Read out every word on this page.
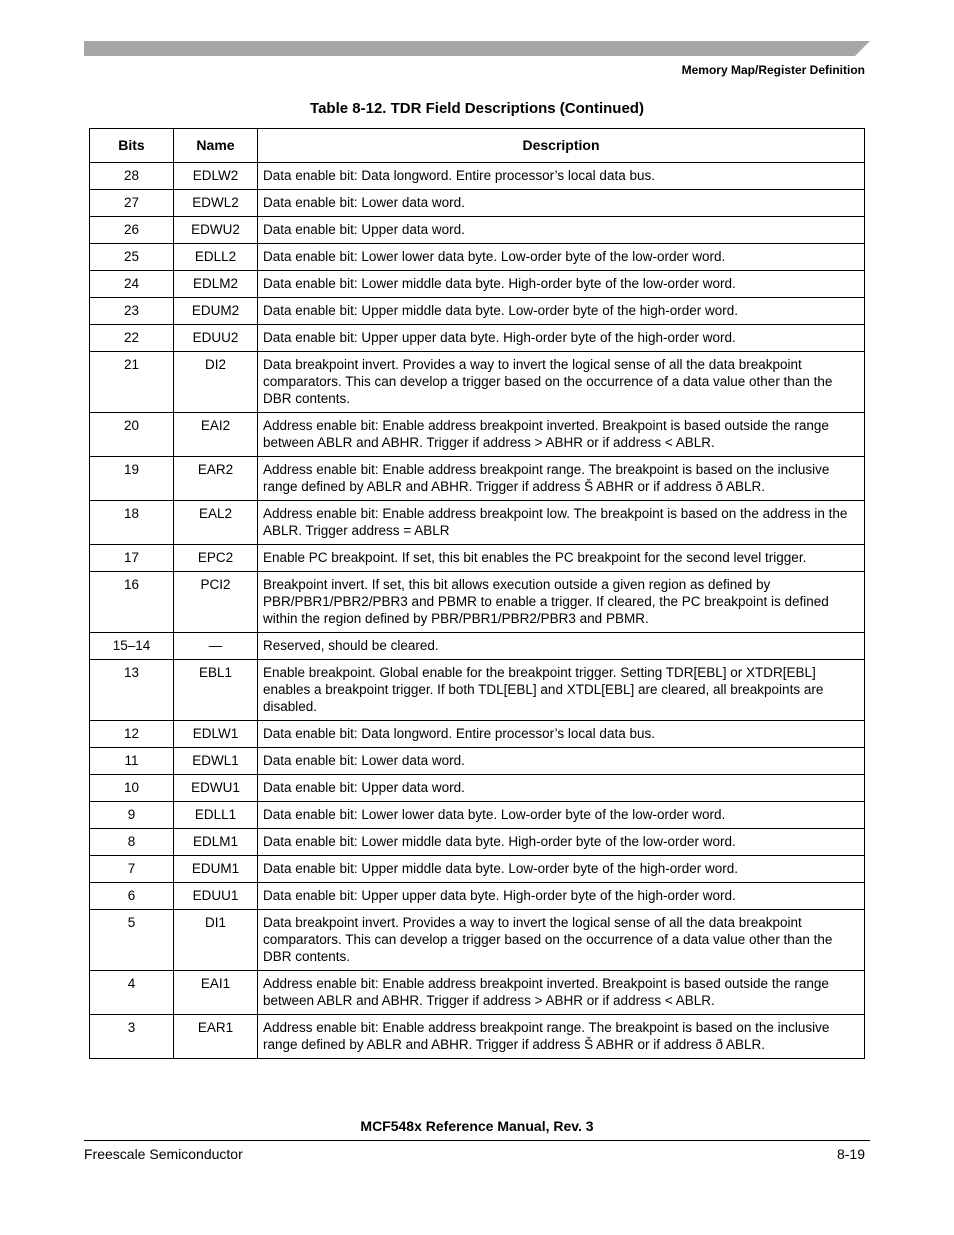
Memory Map/Register Definition
Table 8-12. TDR Field Descriptions (Continued)
Bits	Name	Description
28	EDLW2	Data enable bit: Data longword. Entire processor’s local data bus.
27	EDWL2	Data enable bit: Lower data word.
26	EDWU2	Data enable bit: Upper data word.
25	EDLL2	Data enable bit: Lower lower data byte. Low-order byte of the low-order word.
24	EDLM2	Data enable bit: Lower middle data byte. High-order byte of the low-order word.
23	EDUM2	Data enable bit: Upper middle data byte. Low-order byte of the high-order word.
22	EDUU2	Data enable bit: Upper upper data byte. High-order byte of the high-order word.
21	DI2	Data breakpoint invert. Provides a way to invert the logical sense of all the data breakpoint comparators. This can develop a trigger based on the occurrence of a data value other than the DBR contents.
20	EAI2	Address enable bit: Enable address breakpoint inverted. Breakpoint is based outside the range between ABLR and ABHR. Trigger if address > ABHR or if address < ABLR.
19	EAR2	Address enable bit: Enable address breakpoint range. The breakpoint is based on the inclusive range defined by ABLR and ABHR. Trigger if address Š ABHR or if address ð ABLR.
18	EAL2	Address enable bit: Enable address breakpoint low. The breakpoint is based on the address in the ABLR. Trigger address = ABLR
17	EPC2	Enable PC breakpoint. If set, this bit enables the PC breakpoint for the second level trigger.
16	PCI2	Breakpoint invert. If set, this bit allows execution outside a given region as defined by PBR/PBR1/PBR2/PBR3 and PBMR to enable a trigger. If cleared, the PC breakpoint is defined within the region defined by PBR/PBR1/PBR2/PBR3 and PBMR.
15–14	—	Reserved, should be cleared.
13	EBL1	Enable breakpoint. Global enable for the breakpoint trigger. Setting TDR[EBL] or XTDR[EBL] enables a breakpoint trigger. If both TDL[EBL] and XTDL[EBL] are cleared, all breakpoints are disabled.
12	EDLW1	Data enable bit: Data longword. Entire processor’s local data bus.
11	EDWL1	Data enable bit: Lower data word.
10	EDWU1	Data enable bit: Upper data word.
9	EDLL1	Data enable bit: Lower lower data byte. Low-order byte of the low-order word.
8	EDLM1	Data enable bit: Lower middle data byte. High-order byte of the low-order word.
7	EDUM1	Data enable bit: Upper middle data byte. Low-order byte of the high-order word.
6	EDUU1	Data enable bit: Upper upper data byte. High-order byte of the high-order word.
5	DI1	Data breakpoint invert. Provides a way to invert the logical sense of all the data breakpoint comparators. This can develop a trigger based on the occurrence of a data value other than the DBR contents.
4	EAI1	Address enable bit: Enable address breakpoint inverted. Breakpoint is based outside the range between ABLR and ABHR. Trigger if address > ABHR or if address < ABLR.
3	EAR1	Address enable bit: Enable address breakpoint range. The breakpoint is based on the inclusive range defined by ABLR and ABHR. Trigger if address Š ABHR or if address ð ABLR.
MCF548x Reference Manual, Rev. 3
Freescale Semiconductor	8-19
